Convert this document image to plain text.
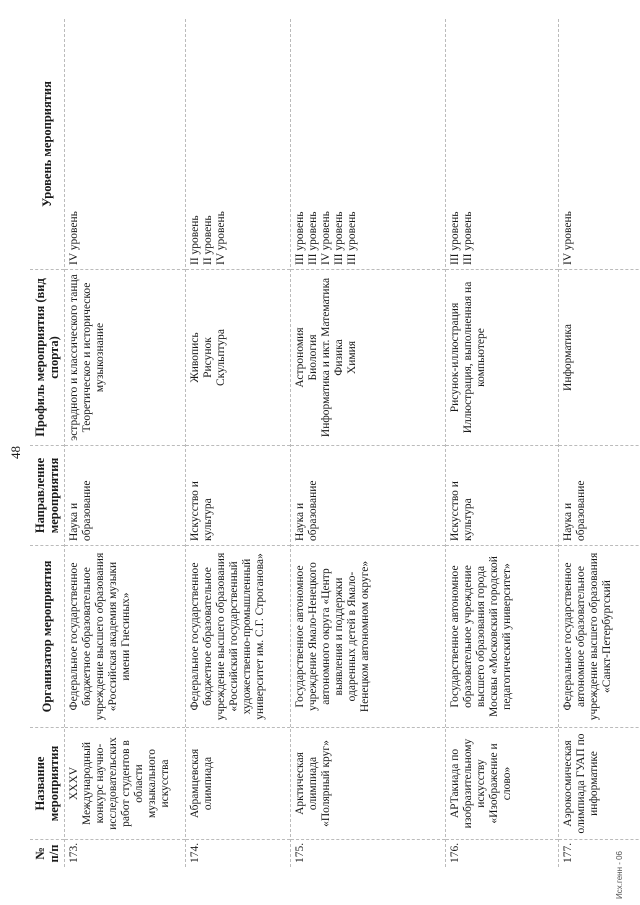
48
№ п/п
Название мероприятия
Организатор мероприятия
Направление мероприятия
Профиль мероприятия (вид спорта)
Уровень мероприятия
173.
XXXV Международный конкурс научно-исследовательских работ студентов в области музыкального искусства
Федеральное государственное бюджетное образовательное учреждение высшего образования «Российская академия музыки имени Гнесиных»
Наука и образование
эстрадного и классического танца Теоретическое и историческое музыкознание
IV уровень
174.
Абрамцевская олимпиада
Федеральное государственное бюджетное образовательное учреждение высшего образования «Российский государственный художественно-промышленный университет им. С.Г. Строганова»
Искусство и культура
Живопись Рисунок Скульптура
II уровень II уровень IV уровень
175.
Арктическая олимпиада «Полярный круг»
Государственное автономное учреждение Ямало-Ненецкого автономного округа «Центр выявления и поддержки одаренных детей в Ямало-Ненецком автономном округе»
Наука и образование
Астрономия Биология Информатика и икт. Математика Физика Химия
III уровень III уровень IV уровень III уровень III уровень
176.
АРТакиада по изобразительному искусству «Изображение и слово»
Государственное автономное образовательное учреждение высшего образования города Москвы «Московский городской педагогический университет»
Искусство и культура
Рисунок-иллюстрация Иллюстрация, выполненная на компьютере
III уровень III уровень
177.
Аэрокосмическая олимпиада ГУАП по информатике
Федеральное государственное автономное образовательное учреждение высшего образования «Санкт-Петербургский
Наука и образование
Информатика
IV уровень
Исх.генн - 06
